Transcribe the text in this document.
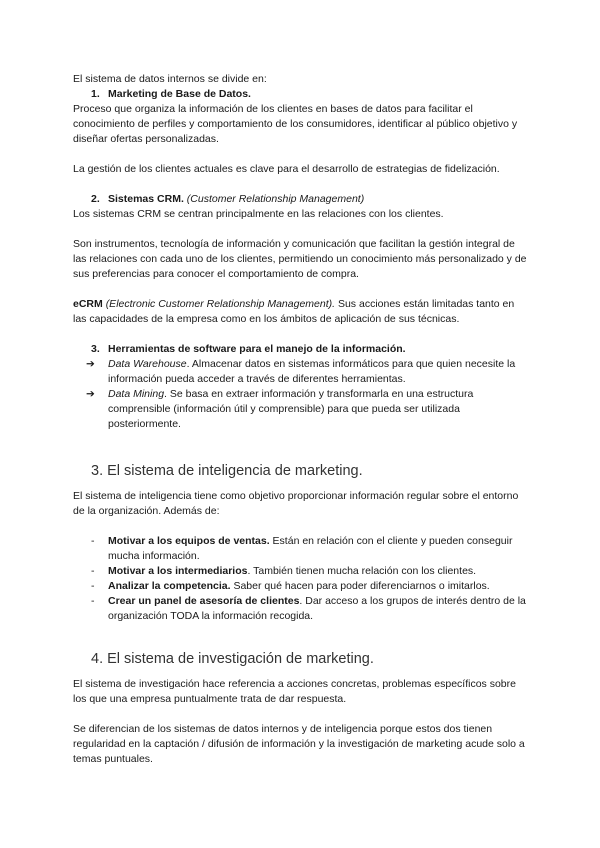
El sistema de datos internos se divide en:

1. Marketing de Base de Datos.

Proceso que organiza la información de los clientes en bases de datos para facilitar el conocimiento de perfiles y comportamiento de los consumidores, identificar al público objetivo y diseñar ofertas personalizadas.

La gestión de los clientes actuales es clave para el desarrollo de estrategias de fidelización.

2. Sistemas CRM. (Customer Relationship Management)

Los sistemas CRM se centran principalmente en las relaciones con los clientes.

Son instrumentos, tecnología de información y comunicación que facilitan la gestión integral de las relaciones con cada uno de los clientes, permitiendo un conocimiento más personalizado y de sus preferencias para conocer el comportamiento de compra.

eCRM (Electronic Customer Relationship Management). Sus acciones están limitadas tanto en las capacidades de la empresa como en los ámbitos de aplicación de sus técnicas.

3. Herramientas de software para el manejo de la información.
➔	Data Warehouse. Almacenar datos en sistemas informáticos para que quien necesite la información pueda acceder a través de diferentes herramientas.
➔	Data Mining. Se basa en extraer información y transformarla en una estructura comprensible (información útil y comprensible) para que pueda ser utilizada posteriormente.
3. El sistema de inteligencia de marketing.

El sistema de inteligencia tiene como objetivo proporcionar información regular sobre el entorno de la organización. Además de:

-	Motivar a los equipos de ventas. Están en relación con el cliente y pueden conseguir mucha información.
-	Motivar a los intermediarios. También tienen mucha relación con los clientes.
-	Analizar la competencia. Saber qué hacen para poder diferenciarnos o imitarlos.
-	Crear un panel de asesoría de clientes. Dar acceso a los grupos de interés dentro de la organización TODA la información recogida.
4. El sistema de investigación de marketing.

El sistema de investigación hace referencia a acciones concretas, problemas específicos sobre los que una empresa puntualmente trata de dar respuesta.

Se diferencian de los sistemas de datos internos y de inteligencia porque estos dos tienen regularidad en la captación / difusión de información y la investigación de marketing acude solo a temas puntuales.
